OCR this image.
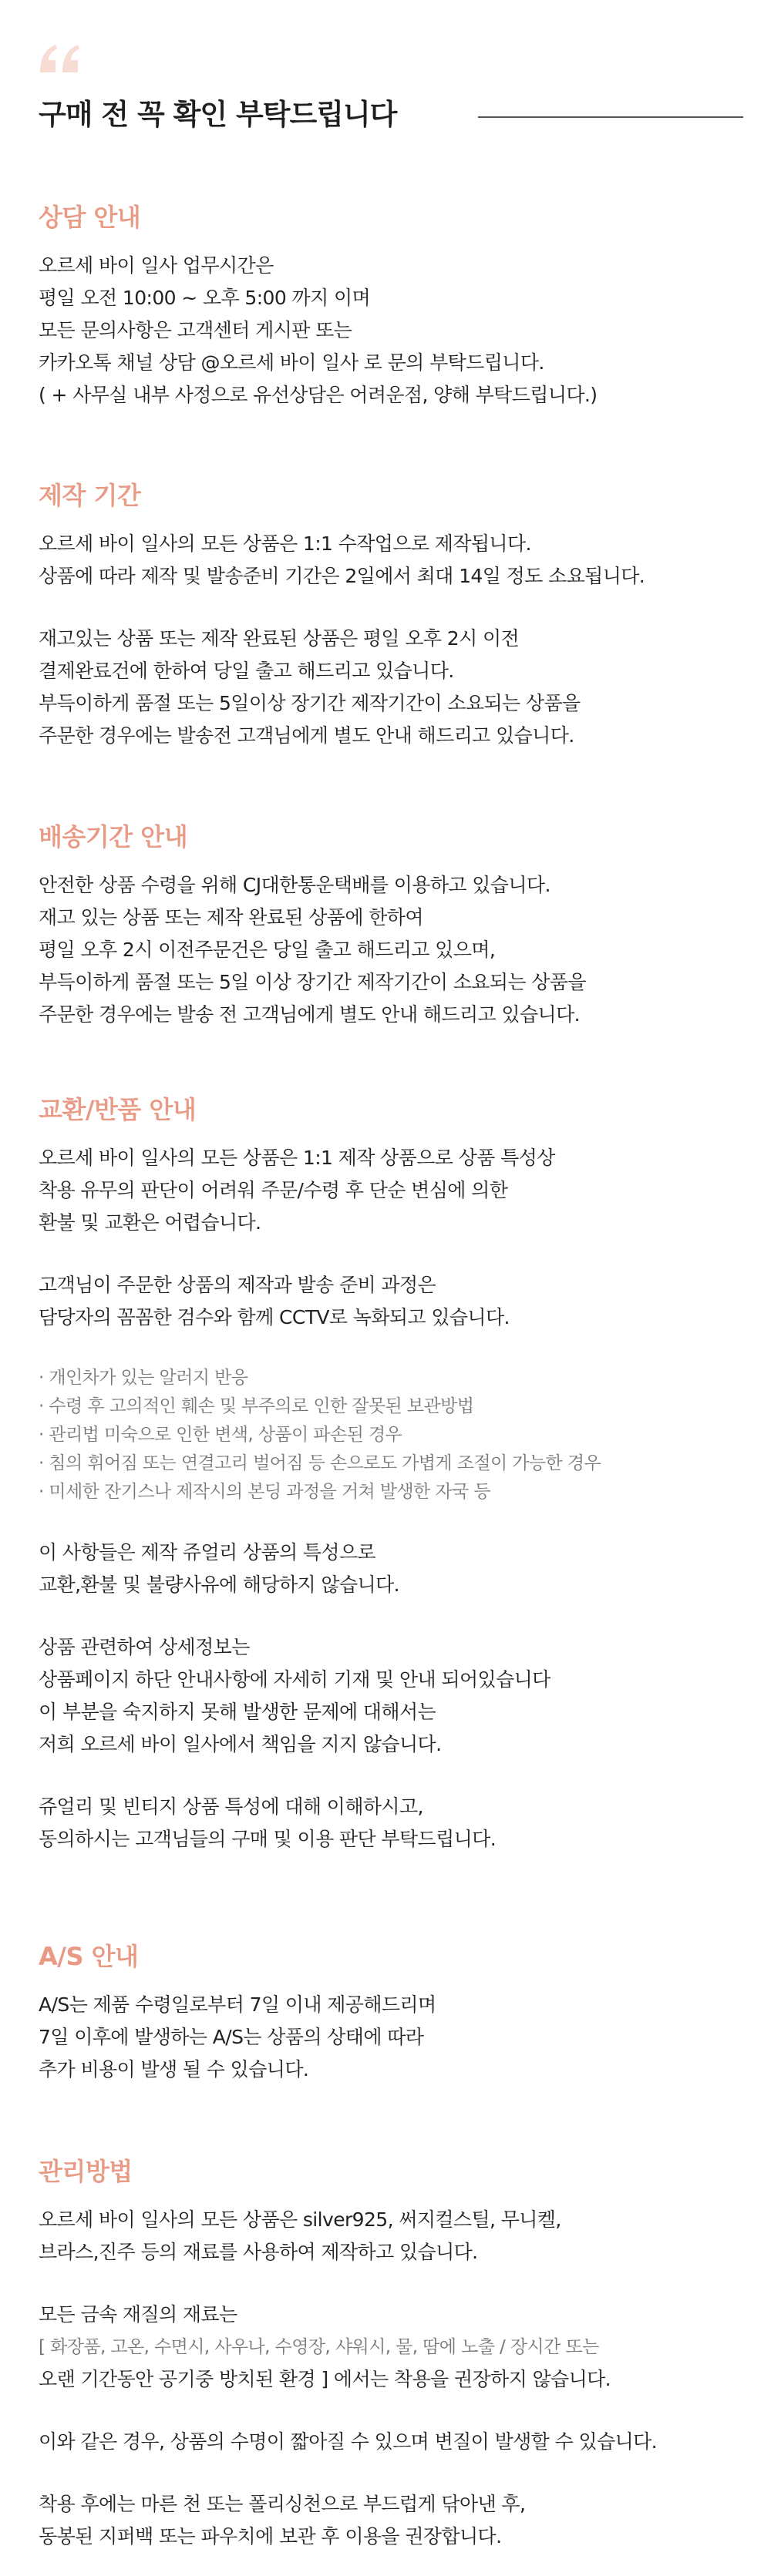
구매 전 꼭 확인 부탁드립니다
상담 안내
오르세 바이 일사 업무시간은
평일 오전 10:00 ~ 오후 5:00 까지 이며
모든 문의사항은 고객센터 게시판 또는
카카오톡 채널 상담 @오르세 바이 일사 로 문의 부탁드립니다.
( + 사무실 내부 사정으로 유선상담은 어려운점, 양해 부탁드립니다.)
제작 기간
오르세 바이 일사의 모든 상품은 1:1 수작업으로 제작됩니다.
상품에 따라 제작 및 발송준비 기간은 2일에서 최대 14일 정도 소요됩니다.
재고있는 상품 또는 제작 완료된 상품은 평일 오후 2시 이전
결제완료건에 한하여 당일 출고 해드리고 있습니다.
부득이하게 품절 또는 5일이상 장기간 제작기간이 소요되는 상품을
주문한 경우에는 발송전 고객님에게 별도 안내 해드리고 있습니다.
배송기간 안내
안전한 상품 수령을 위해 CJ대한통운택배를 이용하고 있습니다.
재고 있는 상품 또는 제작 완료된 상품에 한하여
평일 오후 2시 이전주문건은 당일 출고 해드리고 있으며,
부득이하게 품절 또는 5일 이상 장기간 제작기간이 소요되는 상품을
주문한 경우에는 발송 전 고객님에게 별도 안내 해드리고 있습니다.
교환/반품 안내
오르세 바이 일사의 모든 상품은 1:1 제작 상품으로 상품 특성상
착용 유무의 판단이 어려워 주문/수령 후 단순 변심에 의한
환불 및 교환은 어렵습니다.
고객님이 주문한 상품의 제작과 발송 준비 과정은
담당자의 꼼꼼한 검수와 함께 CCTV로 녹화되고 있습니다.
· 개인차가 있는 알러지 반응
· 수령 후 고의적인 훼손 및 부주의로 인한 잘못된 보관방법
· 관리법 미숙으로 인한 변색, 상품이 파손된 경우
· 침의 휘어짐 또는 연결고리 벌어짐 등 손으로도 가볍게 조절이 가능한 경우
· 미세한 잔기스나 제작시의 본딩 과정을 거쳐 발생한 자국 등
이 사항들은 제작 쥬얼리 상품의 특성으로
교환,환불 및 불량사유에 해당하지 않습니다.
상품 관련하여 상세정보는
상품페이지 하단 안내사항에 자세히 기재 및 안내 되어있습니다
이 부분을 숙지하지 못해 발생한 문제에 대해서는
저희 오르세 바이 일사에서 책임을 지지 않습니다.
쥬얼리 및 빈티지 상품 특성에 대해 이해하시고,
동의하시는 고객님들의 구매 및 이용 판단 부탁드립니다.
A/S 안내
A/S는 제품 수령일로부터 7일 이내 제공해드리며
7일 이후에 발생하는 A/S는 상품의 상태에 따라
추가 비용이 발생 될 수 있습니다.
관리방법
오르세 바이 일사의 모든 상품은 silver925, 써지컬스틸, 무니켈,
브라스,진주 등의 재료를 사용하여 제작하고 있습니다.
모든 금속 재질의 재료는
[ 화장품, 고온, 수면시, 사우나, 수영장, 샤워시, 물, 땀에 노출 / 장시간 또는
오랜 기간동안 공기중 방치된 환경 ] 에서는 착용을 권장하지 않습니다.
이와 같은 경우, 상품의 수명이 짧아질 수 있으며 변질이 발생할 수 있습니다.
착용 후에는 마른 천 또는 폴리싱천으로 부드럽게 닦아낸 후,
동봉된 지퍼백 또는 파우치에 보관 후 이용을 권장합니다.
